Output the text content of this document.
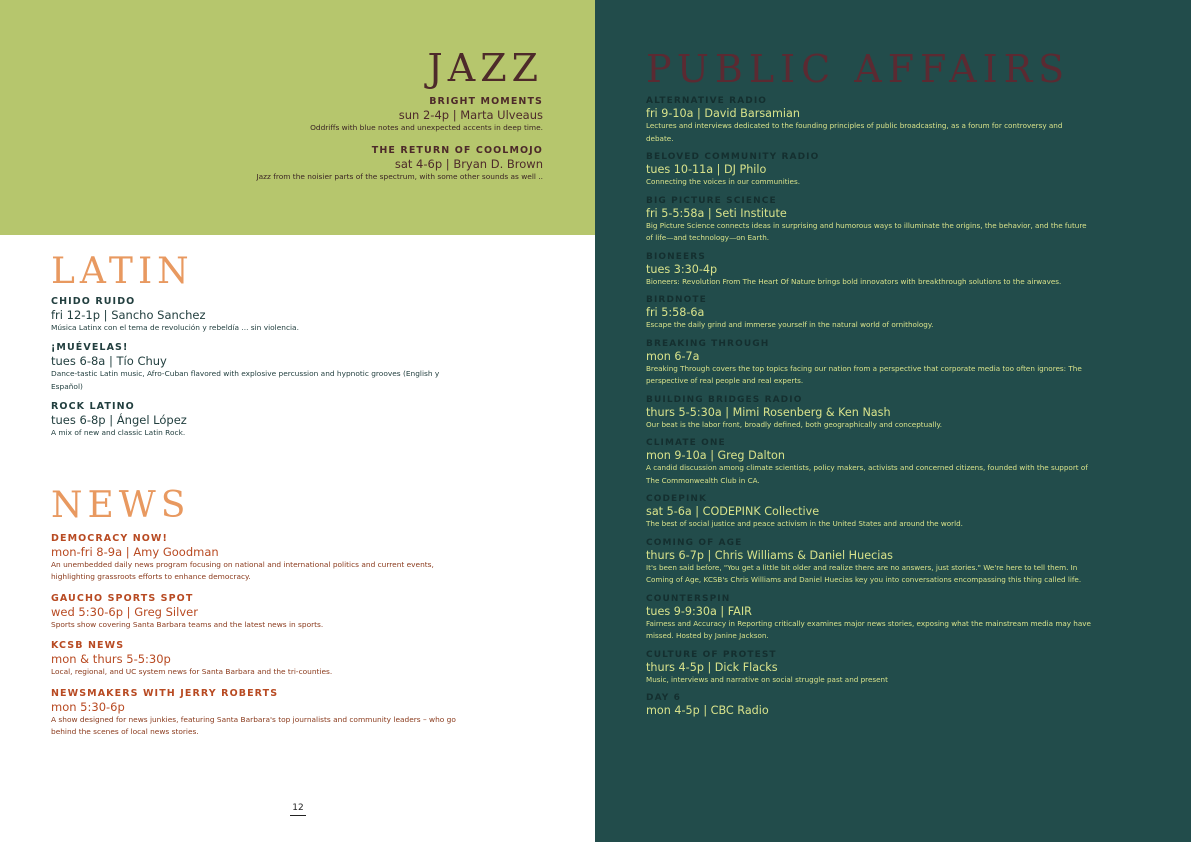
JAZZ
BRIGHT MOMENTS
sun 2-4p | Marta Ulveaus
Oddriffs with blue notes and unexpected accents in deep time.
THE RETURN OF COOLMOJO
sat 4-6p | Bryan D. Brown
Jazz from the noisier parts of the spectrum, with some other sounds as well ..
LATIN
CHIDO RUIDO
fri 12-1p | Sancho Sanchez
Música Latinx con el tema de revolución y rebeldía ... sin violencia.
¡MUÉVELAS!
tues 6-8a | Tío Chuy
Dance-tastic Latin music, Afro-Cuban flavored with explosive percussion and hypnotic grooves (English y Español)
ROCK LATINO
tues 6-8p | Ángel López
A mix of new and classic Latin Rock.
NEWS
DEMOCRACY NOW!
mon-fri 8-9a | Amy Goodman
An unembedded daily news program focusing on national and international politics and current events, highlighting grassroots efforts to enhance democracy.
GAUCHO SPORTS SPOT
wed 5:30-6p | Greg Silver
Sports show covering Santa Barbara teams and the latest news in sports.
KCSB NEWS
mon & thurs 5-5:30p
Local, regional, and UC system news for Santa Barbara and the tri-counties.
NEWSMAKERS WITH JERRY ROBERTS
mon 5:30-6p
A show designed for news junkies, featuring Santa Barbara's top journalists and community leaders – who go behind the scenes of local news stories.
PUBLIC AFFAIRS
ALTERNATIVE RADIO
fri 9-10a | David Barsamian
Lectures and interviews dedicated to the founding principles of public broadcasting, as a forum for controversy and debate.
BELOVED COMMUNITY RADIO
tues 10-11a | DJ Philo
Connecting the voices in our communities.
BIG PICTURE SCIENCE
fri 5-5:58a | Seti Institute
Big Picture Science connects ideas in surprising and humorous ways to illuminate the origins, the behavior, and the future of life—and technology—on Earth.
BIONEERS
tues 3:30-4p
Bioneers: Revolution From The Heart Of Nature brings bold innovators with breakthrough solutions to the airwaves.
BIRDNOTE
fri 5:58-6a
Escape the daily grind and immerse yourself in the natural world of ornithology.
BREAKING THROUGH
mon 6-7a
Breaking Through covers the top topics facing our nation from a perspective that corporate media too often ignores: The perspective of real people and real experts.
BUILDING BRIDGES RADIO
thurs 5-5:30a | Mimi Rosenberg & Ken Nash
Our beat is the labor front, broadly defined, both geographically and conceptually.
CLIMATE ONE
mon 9-10a | Greg Dalton
A candid discussion among climate scientists, policy makers, activists and concerned citizens, founded with the support of The Commonwealth Club in CA.
CODEPINK
sat 5-6a | CODEPINK Collective
The best of social justice and peace activism in the United States and around the world.
COMING OF AGE
thurs 6-7p | Chris Williams & Daniel Huecias
It's been said before, "You get a little bit older and realize there are no answers, just stories." We're here to tell them. In Coming of Age, KCSB's Chris Williams and Daniel Huecias key you into conversations encompassing this thing called life.
COUNTERSPIN
tues 9-9:30a | FAIR
Fairness and Accuracy in Reporting critically examines major news stories, exposing what the mainstream media may have missed. Hosted by Janine Jackson.
CULTURE OF PROTEST
thurs 4-5p | Dick Flacks
Music, interviews and narrative on social struggle past and present
DAY 6
mon 4-5p | CBC Radio
12
